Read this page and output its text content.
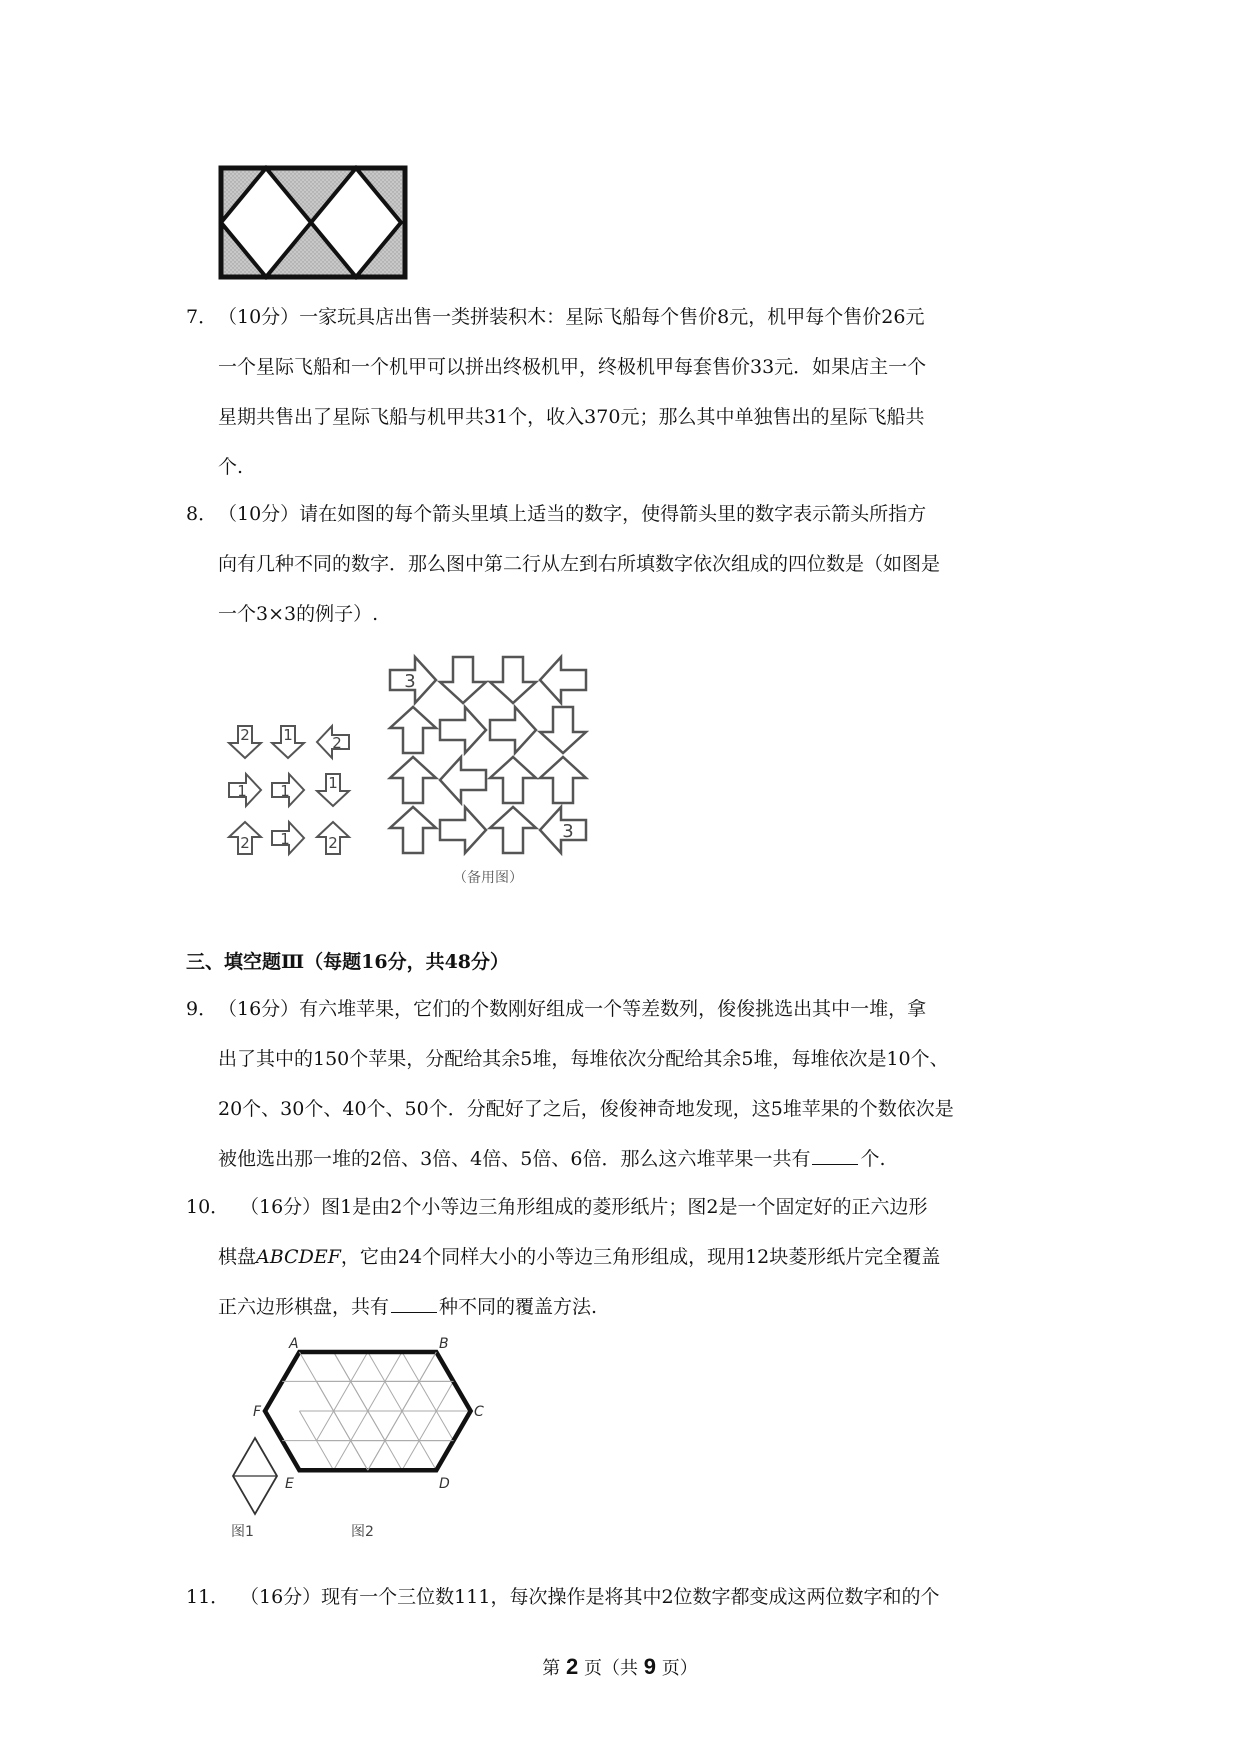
7． （10分）一家玩具店出售一类拼装积木：星际飞船每个售价8元，机甲每个售价26元
一个星际飞船和一个机甲可以拼出终极机甲，终极机甲每套售价33元．如果店主一个
星期共售出了星际飞船与机甲共31个，收入370元；那么其中单独售出的星际飞船共
个.
8． （10分）请在如图的每个箭头里填上适当的数字，使得箭头里的数字表示箭头所指方
向有几种不同的数字．那么图中第二行从左到右所填数字依次组成的四位数是（如图是
一个3×3的例子）.
2 1	2
1 1	1
2 1	2
3
3
（备用图）
三、填空题Ⅲ（每题16分，共48分）
9． （16分）有六堆苹果，它们的个数刚好组成一个等差数列，俊俊挑选出其中一堆，拿
出了其中的150个苹果，分配给其余5堆，每堆依次分配给其余5堆，每堆依次是10个、
20个、30个、40个、50个．分配好了之后，俊俊神奇地发现，这5堆苹果的个数依次是
被他选出那一堆的2倍、3倍、4倍、5倍、6倍．那么这六堆苹果一共有	个.
10． （16分）图1是由2个小等边三角形组成的菱形纸片；图2是一个固定好的正六边形
棋盘ABCDEF，它由24个同样大小的小等边三角形组成，现用12块菱形纸片完全覆盖
正六边形棋盘，共有	种不同的覆盖方法.
A	B
C
D
E
F
图1	图2
11． （16分）现有一个三位数111，每次操作是将其中2位数字都变成这两位数字和的个
第 2 页（共 9 页）
